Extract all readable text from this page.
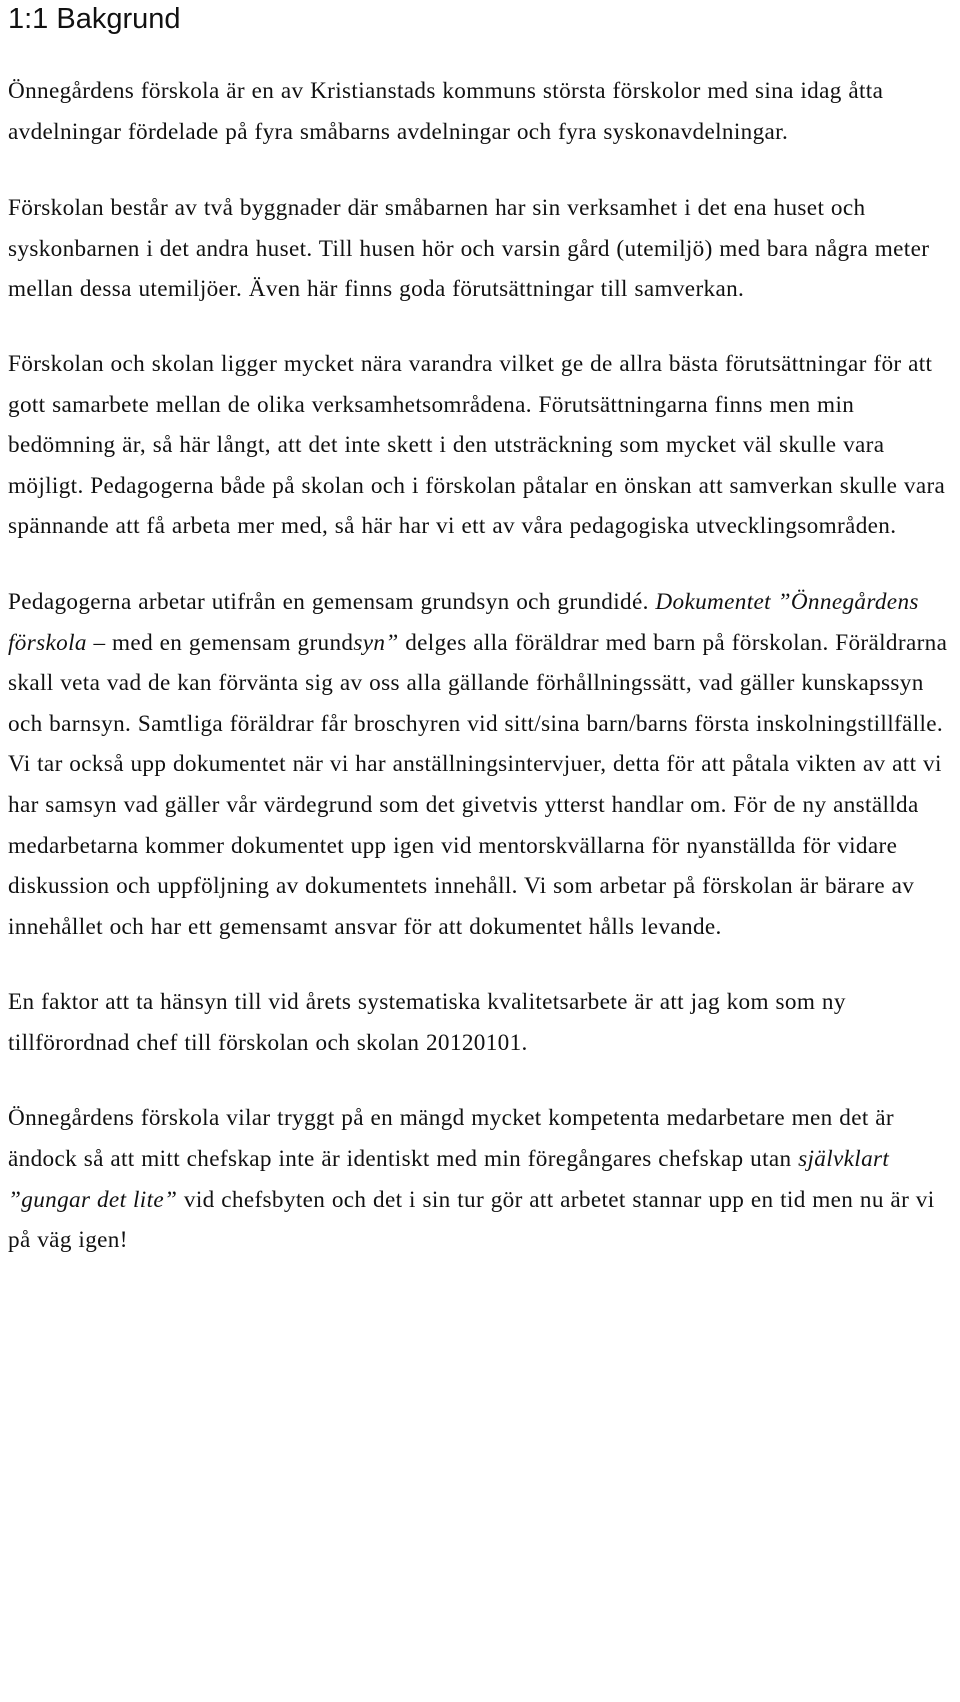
1:1 Bakgrund

Önnegårdens förskola är en av Kristianstads kommuns största förskolor med sina idag åtta avdelningar fördelade på fyra småbarns avdelningar och fyra syskonavdelningar.

Förskolan består av två byggnader där småbarnen har sin verksamhet i det ena huset och syskonbarnen i det andra huset. Till husen hör och varsin gård (utemiljö) med bara några meter mellan dessa utemiljöer. Även här finns goda förutsättningar till samverkan.

Förskolan och skolan ligger mycket nära varandra vilket ge de allra bästa förutsättningar för att gott samarbete mellan de olika verksamhetsområdena. Förutsättningarna finns men min bedömning är, så här långt, att det inte skett i den utsträckning som mycket väl skulle vara möjligt. Pedagogerna både på skolan och i förskolan påtalar en önskan att samverkan skulle vara spännande att få arbeta mer med, så här har vi ett av våra pedagogiska utvecklingsområden.

Pedagogerna arbetar utifrån en gemensam grundsyn och grundidé. Dokumentet ”Önnegårdens förskola – med en gemensam grundsyn” delges alla föräldrar med barn på förskolan. Föräldrarna skall veta vad de kan förvänta sig av oss alla gällande förhållningssätt, vad gäller kunskapssyn och barnsyn. Samtliga föräldrar får broschyren vid sitt/sina barn/barns första inskolningstillfälle. Vi tar också upp dokumentet när vi har anställningsintervjuer, detta för att påtala vikten av att vi har samsyn vad gäller vår värdegrund som det givetvis ytterst handlar om. För de ny anställda medarbetarna kommer dokumentet upp igen vid mentorskvällarna för nyanställda för vidare diskussion och uppföljning av dokumentets innehåll. Vi som arbetar på förskolan är bärare av innehållet och har ett gemensamt ansvar för att dokumentet hålls levande.

En faktor att ta hänsyn till vid årets systematiska kvalitetsarbete är att jag kom som ny tillförordnad chef till förskolan och skolan 20120101.

Önnegårdens förskola vilar tryggt på en mängd mycket kompetenta medarbetare men det är ändock så att mitt chefskap inte är identiskt med min föregångares chefskap utan självklart ”gungar det lite” vid chefsbyten och det i sin tur gör att arbetet stannar upp en tid men nu är vi på väg igen!
